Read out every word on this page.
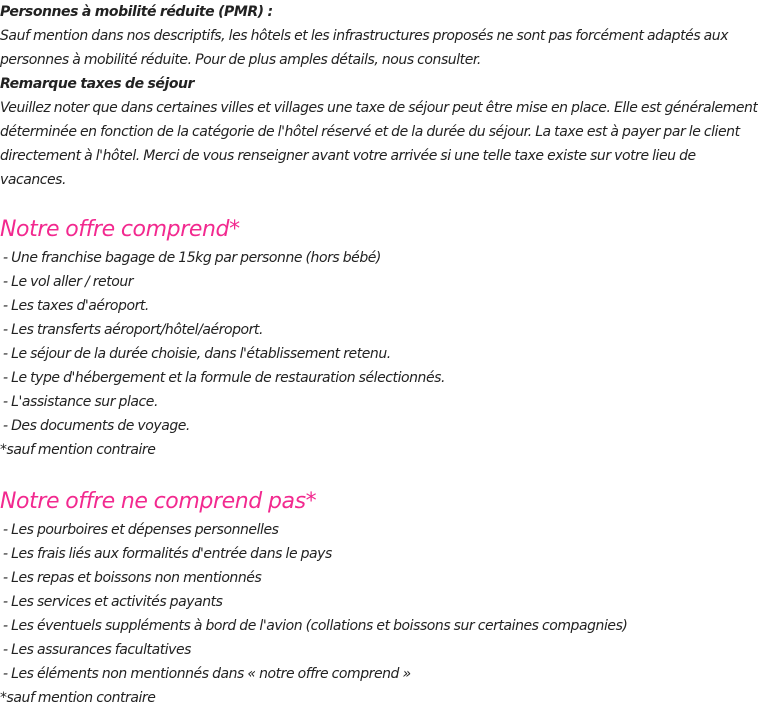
Personnes à mobilité réduite (PMR) :
Sauf mention dans nos descriptifs, les hôtels et les infrastructures proposés ne sont pas forcément adaptés aux personnes à mobilité réduite. Pour de plus amples détails, nous consulter.
Remarque taxes de séjour
Veuillez noter que dans certaines villes et villages une taxe de séjour peut être mise en place. Elle est généralement déterminée en fonction de la catégorie de l'hôtel réservé et de la durée du séjour. La taxe est à payer par le client directement à l'hôtel. Merci de vous renseigner avant votre arrivée si une telle taxe existe sur votre lieu de vacances.
Notre offre comprend*
- Une franchise bagage de 15kg par personne (hors bébé)
- Le vol aller / retour
- Les taxes d'aéroport.
- Les transferts aéroport/hôtel/aéroport.
- Le séjour de la durée choisie, dans l'établissement retenu.
- Le type d'hébergement et la formule de restauration sélectionnés.
- L'assistance sur place.
- Des documents de voyage.
*sauf mention contraire
Notre offre ne comprend pas*
- Les pourboires et dépenses personnelles
- Les frais liés aux formalités d'entrée dans le pays
- Les repas et boissons non mentionnés
- Les services et activités payants
- Les éventuels suppléments à bord de l'avion (collations et boissons sur certaines compagnies)
- Les assurances facultatives
- Les éléments non mentionnés dans « notre offre comprend »
*sauf mention contraire
